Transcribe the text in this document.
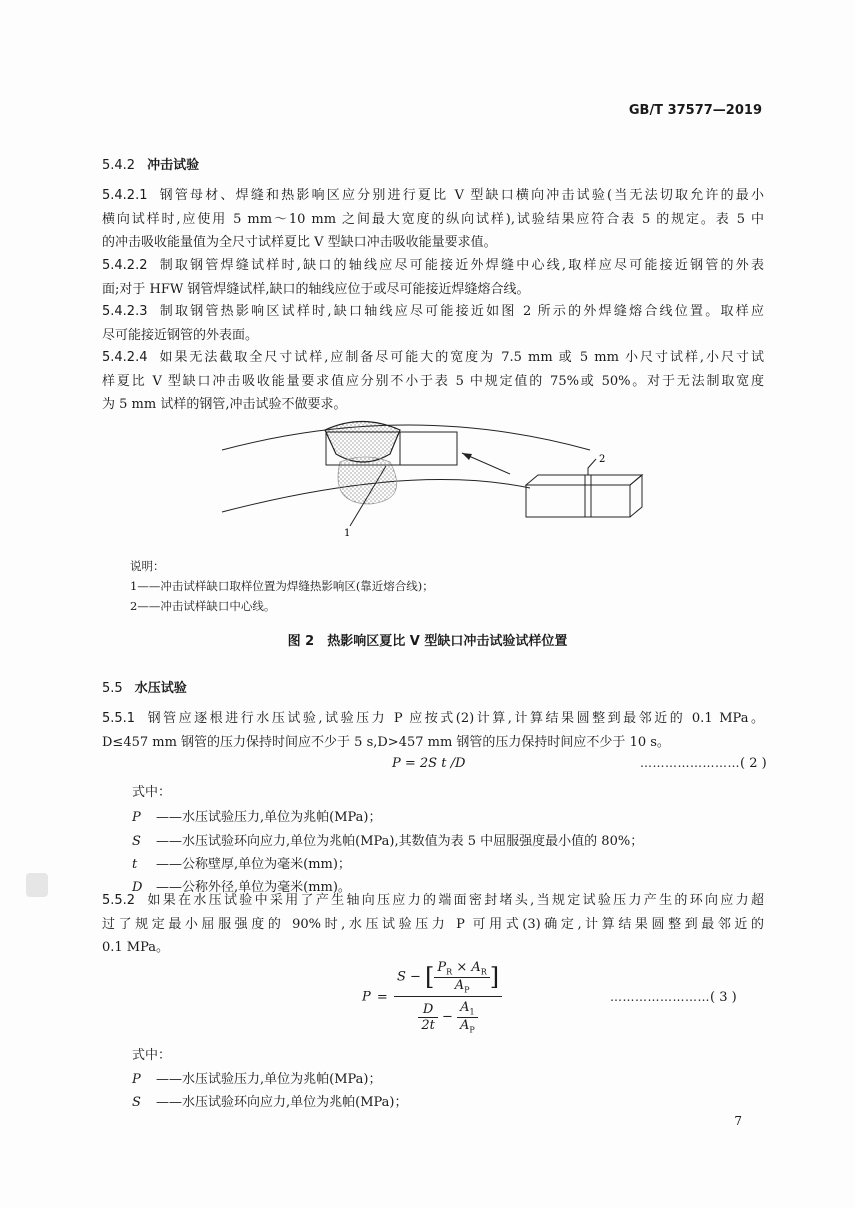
GB/T 37577—2019
5.4.2 冲击试验
5.4.2.1 钢管母材、焊缝和热影响区应分别进行夏比 V 型缺口横向冲击试验(当无法切取允许的最小
横向试样时,应使用 5 mm～10 mm 之间最大宽度的纵向试样),试验结果应符合表 5 的规定。表 5 中
的冲击吸收能量值为全尺寸试样夏比 V 型缺口冲击吸收能量要求值。
5.4.2.2 制取钢管焊缝试样时,缺口的轴线应尽可能接近外焊缝中心线,取样应尽可能接近钢管的外表
面;对于 HFW 钢管焊缝试样,缺口的轴线应位于或尽可能接近焊缝熔合线。
5.4.2.3 制取钢管热影响区试样时,缺口轴线应尽可能接近如图 2 所示的外焊缝熔合线位置。取样应
尽可能接近钢管的外表面。
5.4.2.4 如果无法截取全尺寸试样,应制备尽可能大的宽度为 7.5 mm 或 5 mm 小尺寸试样,小尺寸试
样夏比 V 型缺口冲击吸收能量要求值应分别不小于表 5 中规定值的 75%或 50%。对于无法制取宽度
为 5 mm 试样的钢管,冲击试验不做要求。
2
1
说明：
1——冲击试样缺口取样位置为焊缝热影响区(靠近熔合线)；
2——冲击试样缺口中心线。
图 2　热影响区夏比 V 型缺口冲击试验试样位置
5.5 水压试验
5.5.1 钢管应逐根进行水压试验,试验压力 P 应按式(2)计算,计算结果圆整到最邻近的 0.1 MPa。
D≤457 mm 钢管的压力保持时间应不少于 5 s,D>457 mm 钢管的压力保持时间应不少于 10 s。
P = 2S t /D	……………………( 2 )
式中：
P ——水压试验压力,单位为兆帕(MPa)；
S ——水压试验环向应力,单位为兆帕(MPa),其数值为表 5 中屈服强度最小值的 80%；
t ——公称壁厚,单位为毫米(mm)；
D ——公称外径,单位为毫米(mm)。
5.5.2 如果在水压试验中采用了产生轴向压应力的端面密封堵头,当规定试验压力产生的环向应力超
过了规定最小屈服强度的 90%时,水压试验压力 P 可用式(3)确定,计算结果圆整到最邻近的
0.1 MPa。
$P = \frac{S - [ \frac{P_R \times A_R}{A_P} ]}{\frac{D}{2t} - \frac{A_1}{A_P}}$	……………………( 3 )
式中：
P ——水压试验压力,单位为兆帕(MPa)；
S ——水压试验环向应力,单位为兆帕(MPa)；
7
